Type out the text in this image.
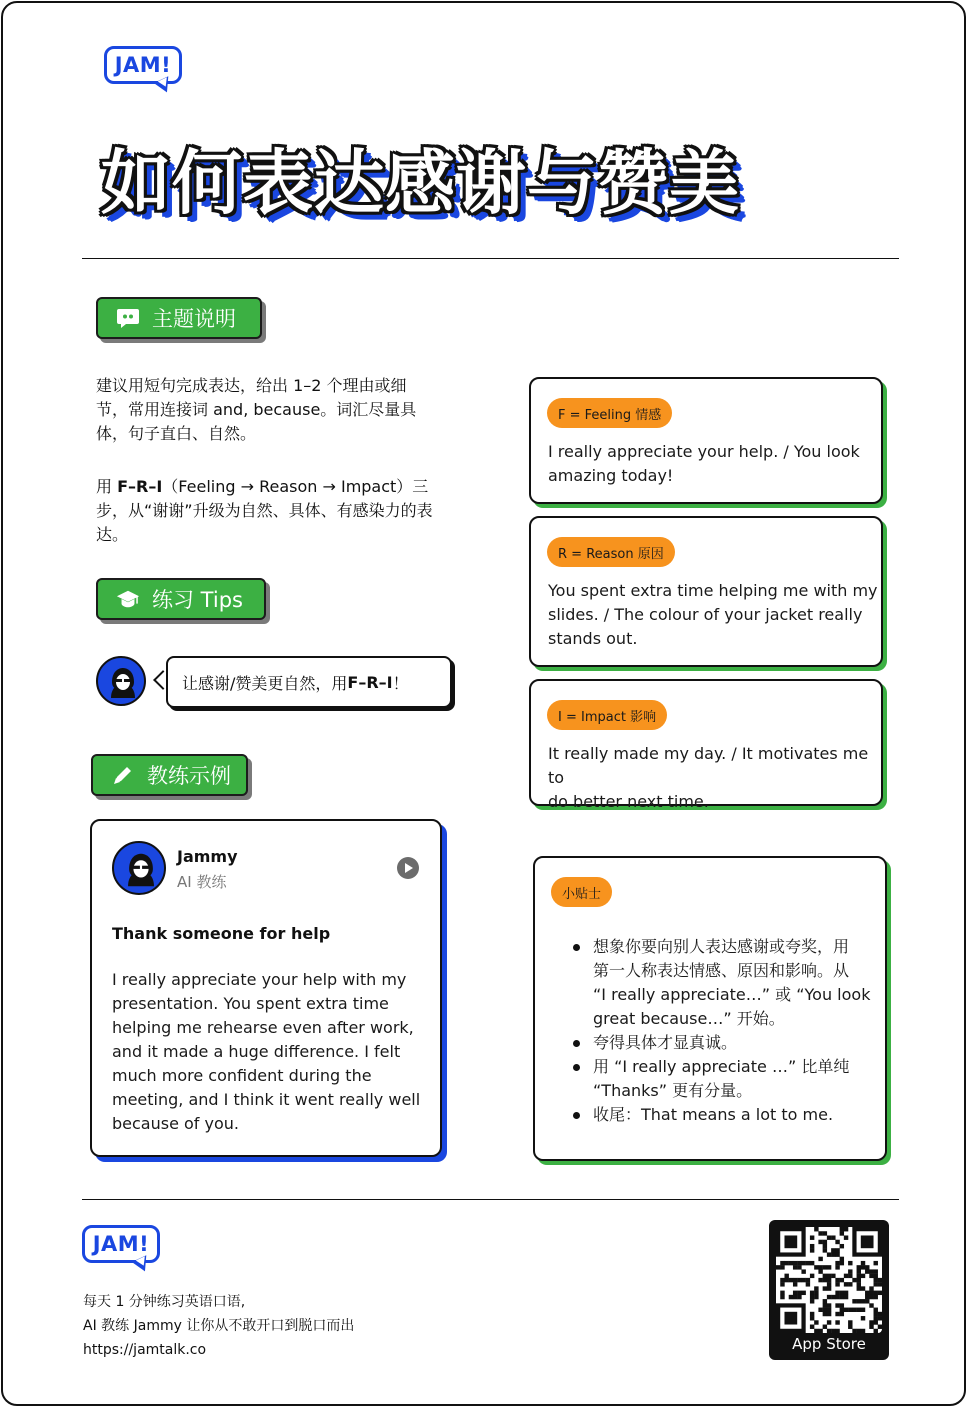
JAM!
如何表达感谢与赞美
主题说明
建议用短句完成表达，给出 1–2 个理由或细
节，常用连接词 and, because。词汇尽量具
体，句子直白、自然。
用 F–R–I（Feeling → Reason → Impact）三
步，从“谢谢”升级为自然、具体、有感染力的表
达。
练习 Tips
让感谢/赞美更自然，用 F–R–I ！
教练示例
Jammy
AI 教练
Thank someone for help
I really appreciate your help with my
presentation. You spent extra time
helping me rehearse even after work,
and it made a huge difference. I felt
much more confident during the
meeting, and I think it went really well
because of you.
F = Feeling 情感
I really appreciate your help. / You look
amazing today!
R = Reason 原因
You spent extra time helping me with my
slides. / The colour of your jacket really
stands out.
I = Impact 影响
It really made my day. / It motivates me to
do better next time.
小贴士
想象你要向别人表达感谢或夸奖，用
第一人称表达情感、原因和影响。从
“I really appreciate…” 或 “You look
great because…” 开始。
夸得具体才显真诚。
用 “I really appreciate …” 比单纯
“Thanks” 更有分量。
收尾：That means a lot to me.
JAM!
每天 1 分钟练习英语口语,
AI 教练 Jammy 让你从不敢开口到脱口而出
https://jamtalk.co	App Store
